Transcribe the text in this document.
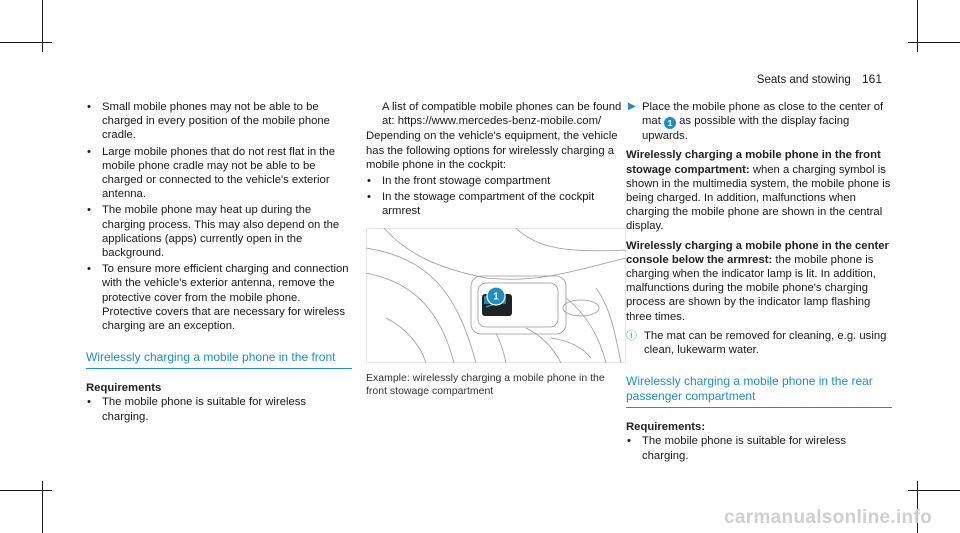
Seats and stowing 161
• Small mobile phones may not be able to be charged in every position of the mobile phone cradle.
• Large mobile phones that do not rest flat in the mobile phone cradle may not be able to be charged or connected to the vehicle's exterior antenna.
• The mobile phone may heat up during the charging process. This may also depend on the applications (apps) currently open in the background.
• To ensure more efficient charging and connection with the vehicle's exterior antenna, remove the protective cover from the mobile phone. Protective covers that are necessary for wireless charging are an exception.
Wirelessly charging a mobile phone in the front

Requirements

• The mobile phone is suitable for wireless charging.

A list of compatible mobile phones can be found at: https://www.mercedes-benz-mobile.com/

Depending on the vehicle's equipment, the vehicle has the following options for wirelessly charging a mobile phone in the cockpit:

• In the front stowage compartment
• In the stowage compartment of the cockpit armrest
1

Example: wirelessly charging a mobile phone in the front stowage compartment

▶ Place the mobile phone as close to the center of mat 1 as possible with the display facing upwards.

Wirelessly charging a mobile phone in the front stowage compartment: when a charging symbol is shown in the multimedia system, the mobile phone is being charged. In addition, malfunctions when charging the mobile phone are shown in the central display.

Wirelessly charging a mobile phone in the center console below the armrest: the mobile phone is charging when the indicator lamp is lit. In addition, malfunctions during the mobile phone's charging process are shown by the indicator lamp flashing three times.

ⓘ The mat can be removed for cleaning, e.g. using clean, lukewarm water.

Wirelessly charging a mobile phone in the rear passenger compartment

Requirements:

• The mobile phone is suitable for wireless charging.
carmanualsonline.info
